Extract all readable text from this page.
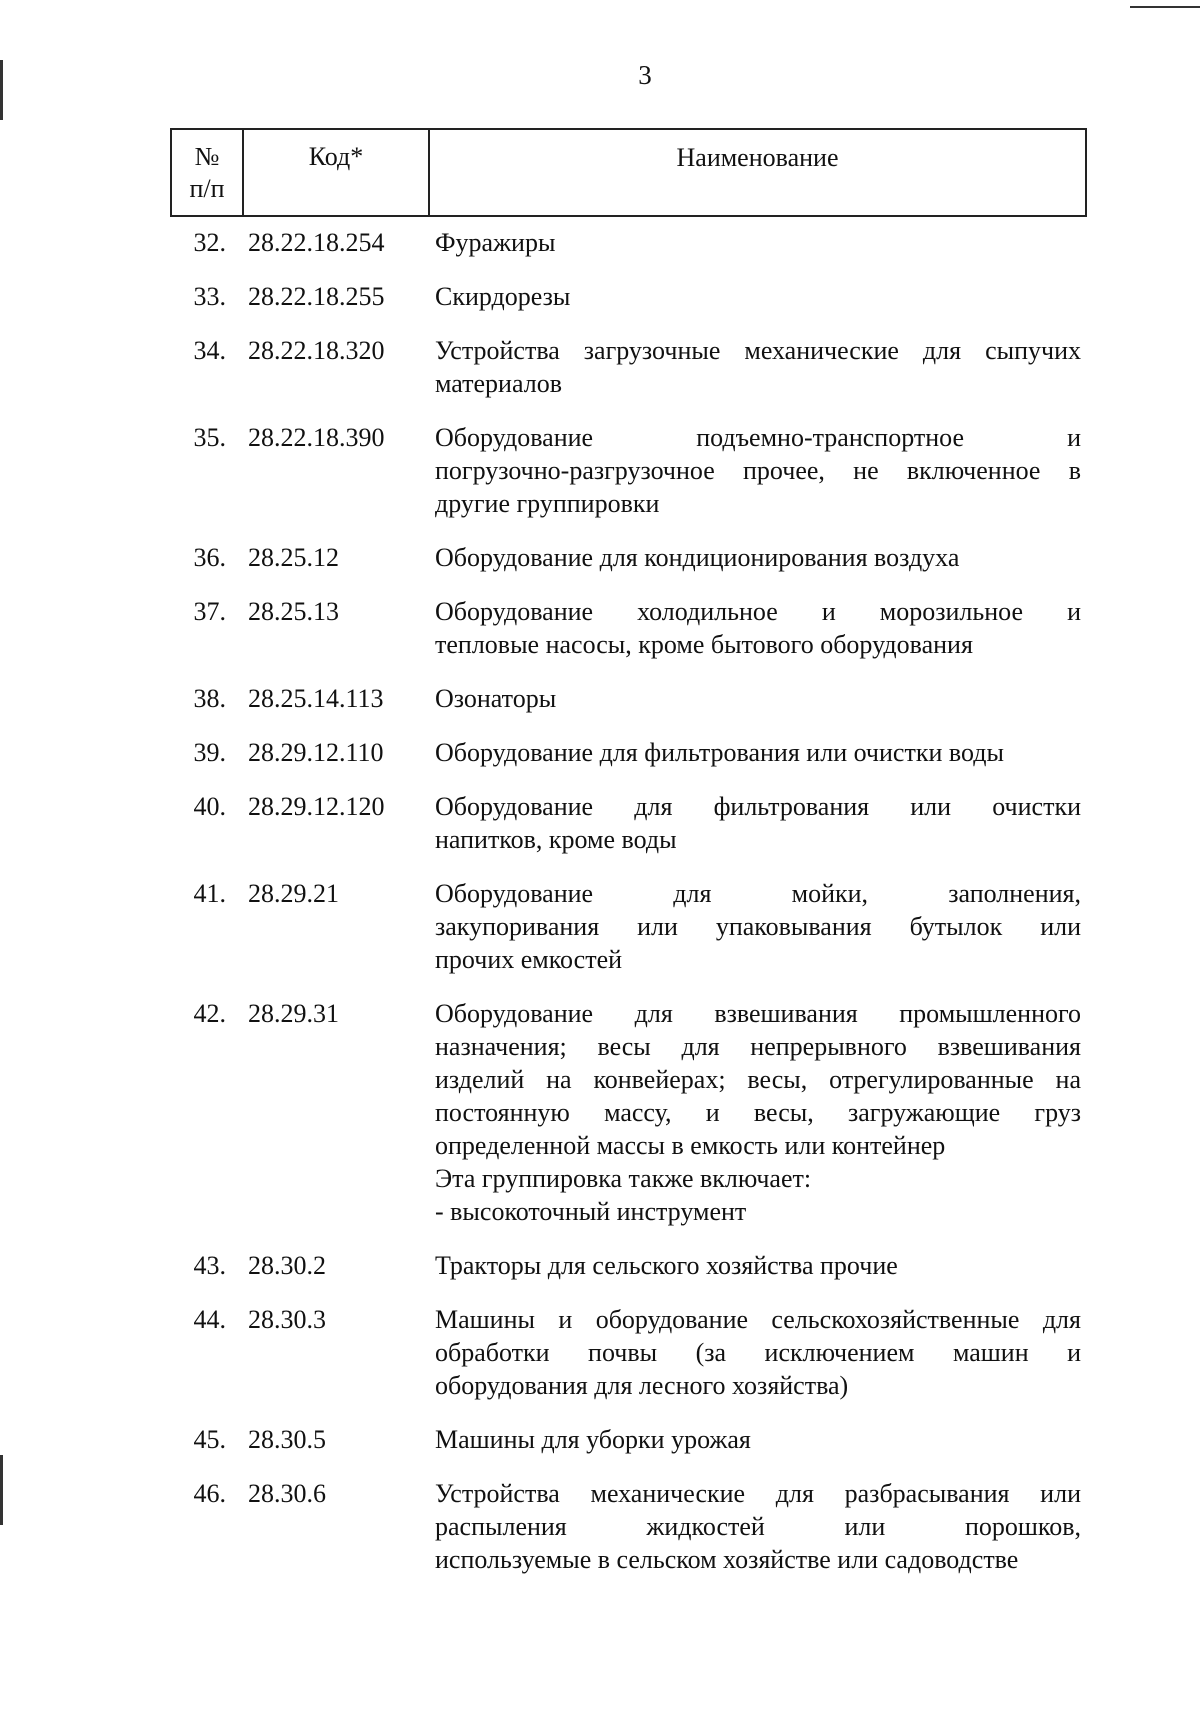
3
№
п/п
Код*	Наименование
32. 28.22.18.254	Фуражиры
33. 28.22.18.255	Скирдорезы
34. 28.22.18.320	Устройства загрузочные механические для сыпучих
материалов
35. 28.22.18.390	Оборудование подъемно-транспортное и
погрузочно-разгрузочное прочее, не включенное в
другие группировки
36. 28.25.12	Оборудование для кондиционирования воздуха
37. 28.25.13	Оборудование холодильное и морозильное и
тепловые насосы, кроме бытового оборудования
38. 28.25.14.113	Озонаторы
39. 28.29.12.110	Оборудование для фильтрования или очистки воды
40. 28.29.12.120	Оборудование для фильтрования или очистки
напитков, кроме воды
41. 28.29.21	Оборудование для мойки, заполнения,
закупоривания или упаковывания бутылок или
прочих емкостей
42. 28.29.31	Оборудование для взвешивания промышленного
назначения; весы для непрерывного взвешивания
изделий на конвейерах; весы, отрегулированные на
постоянную массу, и весы, загружающие груз
определенной массы в емкость или контейнер
Эта группировка также включает:
- высокоточный инструмент
43. 28.30.2	Тракторы для сельского хозяйства прочие
44. 28.30.3	Машины и оборудование сельскохозяйственные для
обработки почвы (за исключением машин и
оборудования для лесного хозяйства)
45. 28.30.5	Машины для уборки урожая
46. 28.30.6	Устройства механические для разбрасывания или
распыления жидкостей или порошков,
используемые в сельском хозяйстве или садоводстве
